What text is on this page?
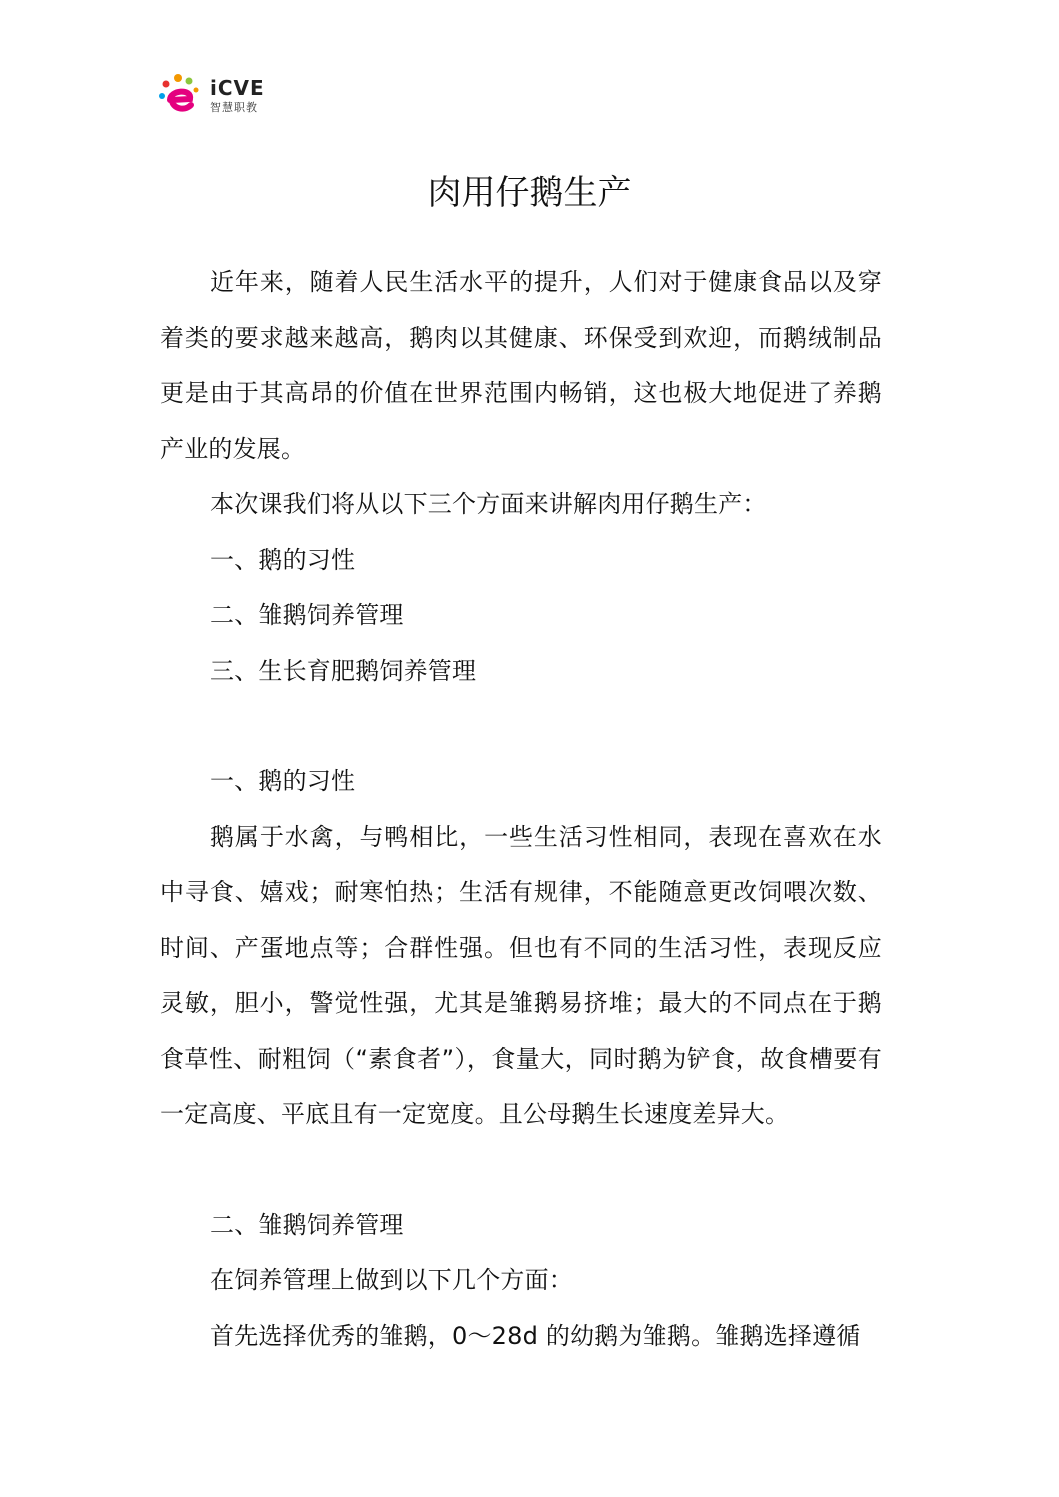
iCVE
智慧职教
肉用仔鹅生产

近年来，随着人民生活水平的提升，人们对于健康食品以及穿着类的要求越来越高，鹅肉以其健康、环保受到欢迎，而鹅绒制品更是由于其高昂的价值在世界范围内畅销，这也极大地促进了养鹅产业的发展。

本次课我们将从以下三个方面来讲解肉用仔鹅生产：

一、鹅的习性

二、雏鹅饲养管理

三、生长育肥鹅饲养管理

一、鹅的习性

鹅属于水禽，与鸭相比，一些生活习性相同，表现在喜欢在水中寻食、嬉戏；耐寒怕热；生活有规律，不能随意更改饲喂次数、时间、产蛋地点等；合群性强。但也有不同的生活习性，表现反应灵敏，胆小，警觉性强，尤其是雏鹅易挤堆；最大的不同点在于鹅食草性、耐粗饲（“素食者”），食量大，同时鹅为铲食，故食槽要有一定高度、平底且有一定宽度。且公母鹅生长速度差异大。

二、雏鹅饲养管理

在饲养管理上做到以下几个方面：

首先选择优秀的雏鹅，0～28d 的幼鹅为雏鹅。雏鹅选择遵循
